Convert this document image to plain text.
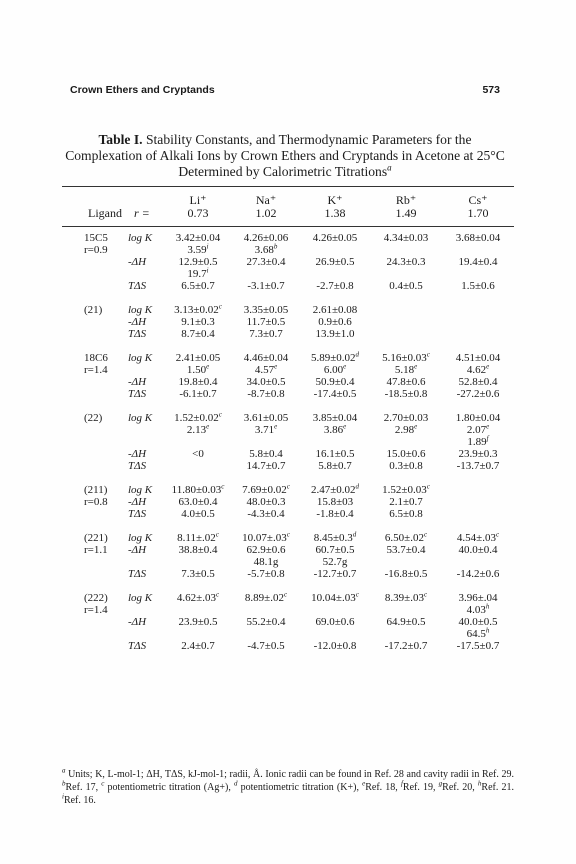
Crown Ethers and Cryptands	573
Table I. Stability Constants, and Thermodynamic Parameters for the Complexation of Alkali Ions by Crown Ethers and Cryptands in Acetone at 25°C Determined by Calorimetric Titrations$^a$
		Li⁺	Na⁺	K⁺	Rb⁺	Cs⁺
Ligand	r =	0.73	1.02	1.38	1.49	1.70

15C5	log K	3.42±0.04	4.26±0.06	4.26±0.05	4.34±0.03	3.68±0.04
r=0.9		3.59$^i$	3.68$^b$			
	-ΔH	12.9±0.5	27.3±0.4	26.9±0.5	24.3±0.3	19.4±0.4
		19.7$^i$				
	TΔS	6.5±0.7	-3.1±0.7	-2.7±0.8	0.4±0.5	1.5±0.6

(21)	log K	3.13±0.02$^c$	3.35±0.05	2.61±0.08		
	-ΔH	9.1±0.3	11.7±0.5	0.9±0.6		
	TΔS	8.7±0.4	7.3±0.7	13.9±1.0		

18C6	log K	2.41±0.05	4.46±0.04	5.89±0.02$^d$	5.16±0.03$^c$	4.51±0.04
r=1.4		1.50e	4.57e	6.00e	5.18e	4.62e
	-ΔH	19.8±0.4	34.0±0.5	50.9±0.4	47.8±0.6	52.8±0.4
	TΔS	-6.1±0.7	-8.7±0.8	-17.4±0.5	-18.5±0.8	-27.2±0.6

(22)	log K	1.52±0.02$^c$	3.61±0.05	3.85±0.04	2.70±0.03	1.80±0.04
		2.13e	3.71e	3.86e	2.98e	2.07e
						1.89$^f$
	-ΔH	<0	5.8±0.4	16.1±0.5	15.0±0.6	23.9±0.3
	TΔS		14.7±0.7	5.8±0.7	0.3±0.8	-13.7±0.7

(211)	log K	11.80±0.03$^c$	7.69±0.02$^c$	2.47±0.02$^d$	1.52±0.03$^c$	
r=0.8	-ΔH	63.0±0.4	48.0±0.3	15.8±03	2.1±0.7	
	TΔS	4.0±0.5	-4.3±0.4	-1.8±0.4	6.5±0.8	

(221)	log K	8.11±.02$^c$	10.07±.03$^c$	8.45±0.3$^d$	6.50±.02$^c$	4.54±.03$^c$
r=1.1	-ΔH	38.8±0.4	62.9±0.6	60.7±0.5	53.7±0.4	40.0±0.4
			48.1g	52.7g		
	TΔS	7.3±0.5	-5.7±0.8	-12.7±0.7	-16.8±0.5	-14.2±0.6

(222)	log K	4.62±.03$^c$	8.89±.02$^c$	10.04±.03$^c$	8.39±.03$^c$	3.96±.04
r=1.4						4.03$^h$
	-ΔH	23.9±0.5	55.2±0.4	69.0±0.6	64.9±0.5	40.0±0.5
						64.5$^h$
	TΔS	2.4±0.7	-4.7±0.5	-12.0±0.8	-17.2±0.7	-17.5±0.7
$^a$ Units; K, L-mol-1; ΔH, TΔS, kJ-mol-1; radii, Å. Ionic radii can be found in Ref. 28 and cavity radii in Ref. 29. $^b$Ref. 17, $^c$ potentiometric titration (Ag+), $^d$ potentiometric titration (K+), $^e$Ref. 18, $^f$Ref. 19, $^g$Ref. 20, $^h$Ref. 21. $^i$Ref. 16.
